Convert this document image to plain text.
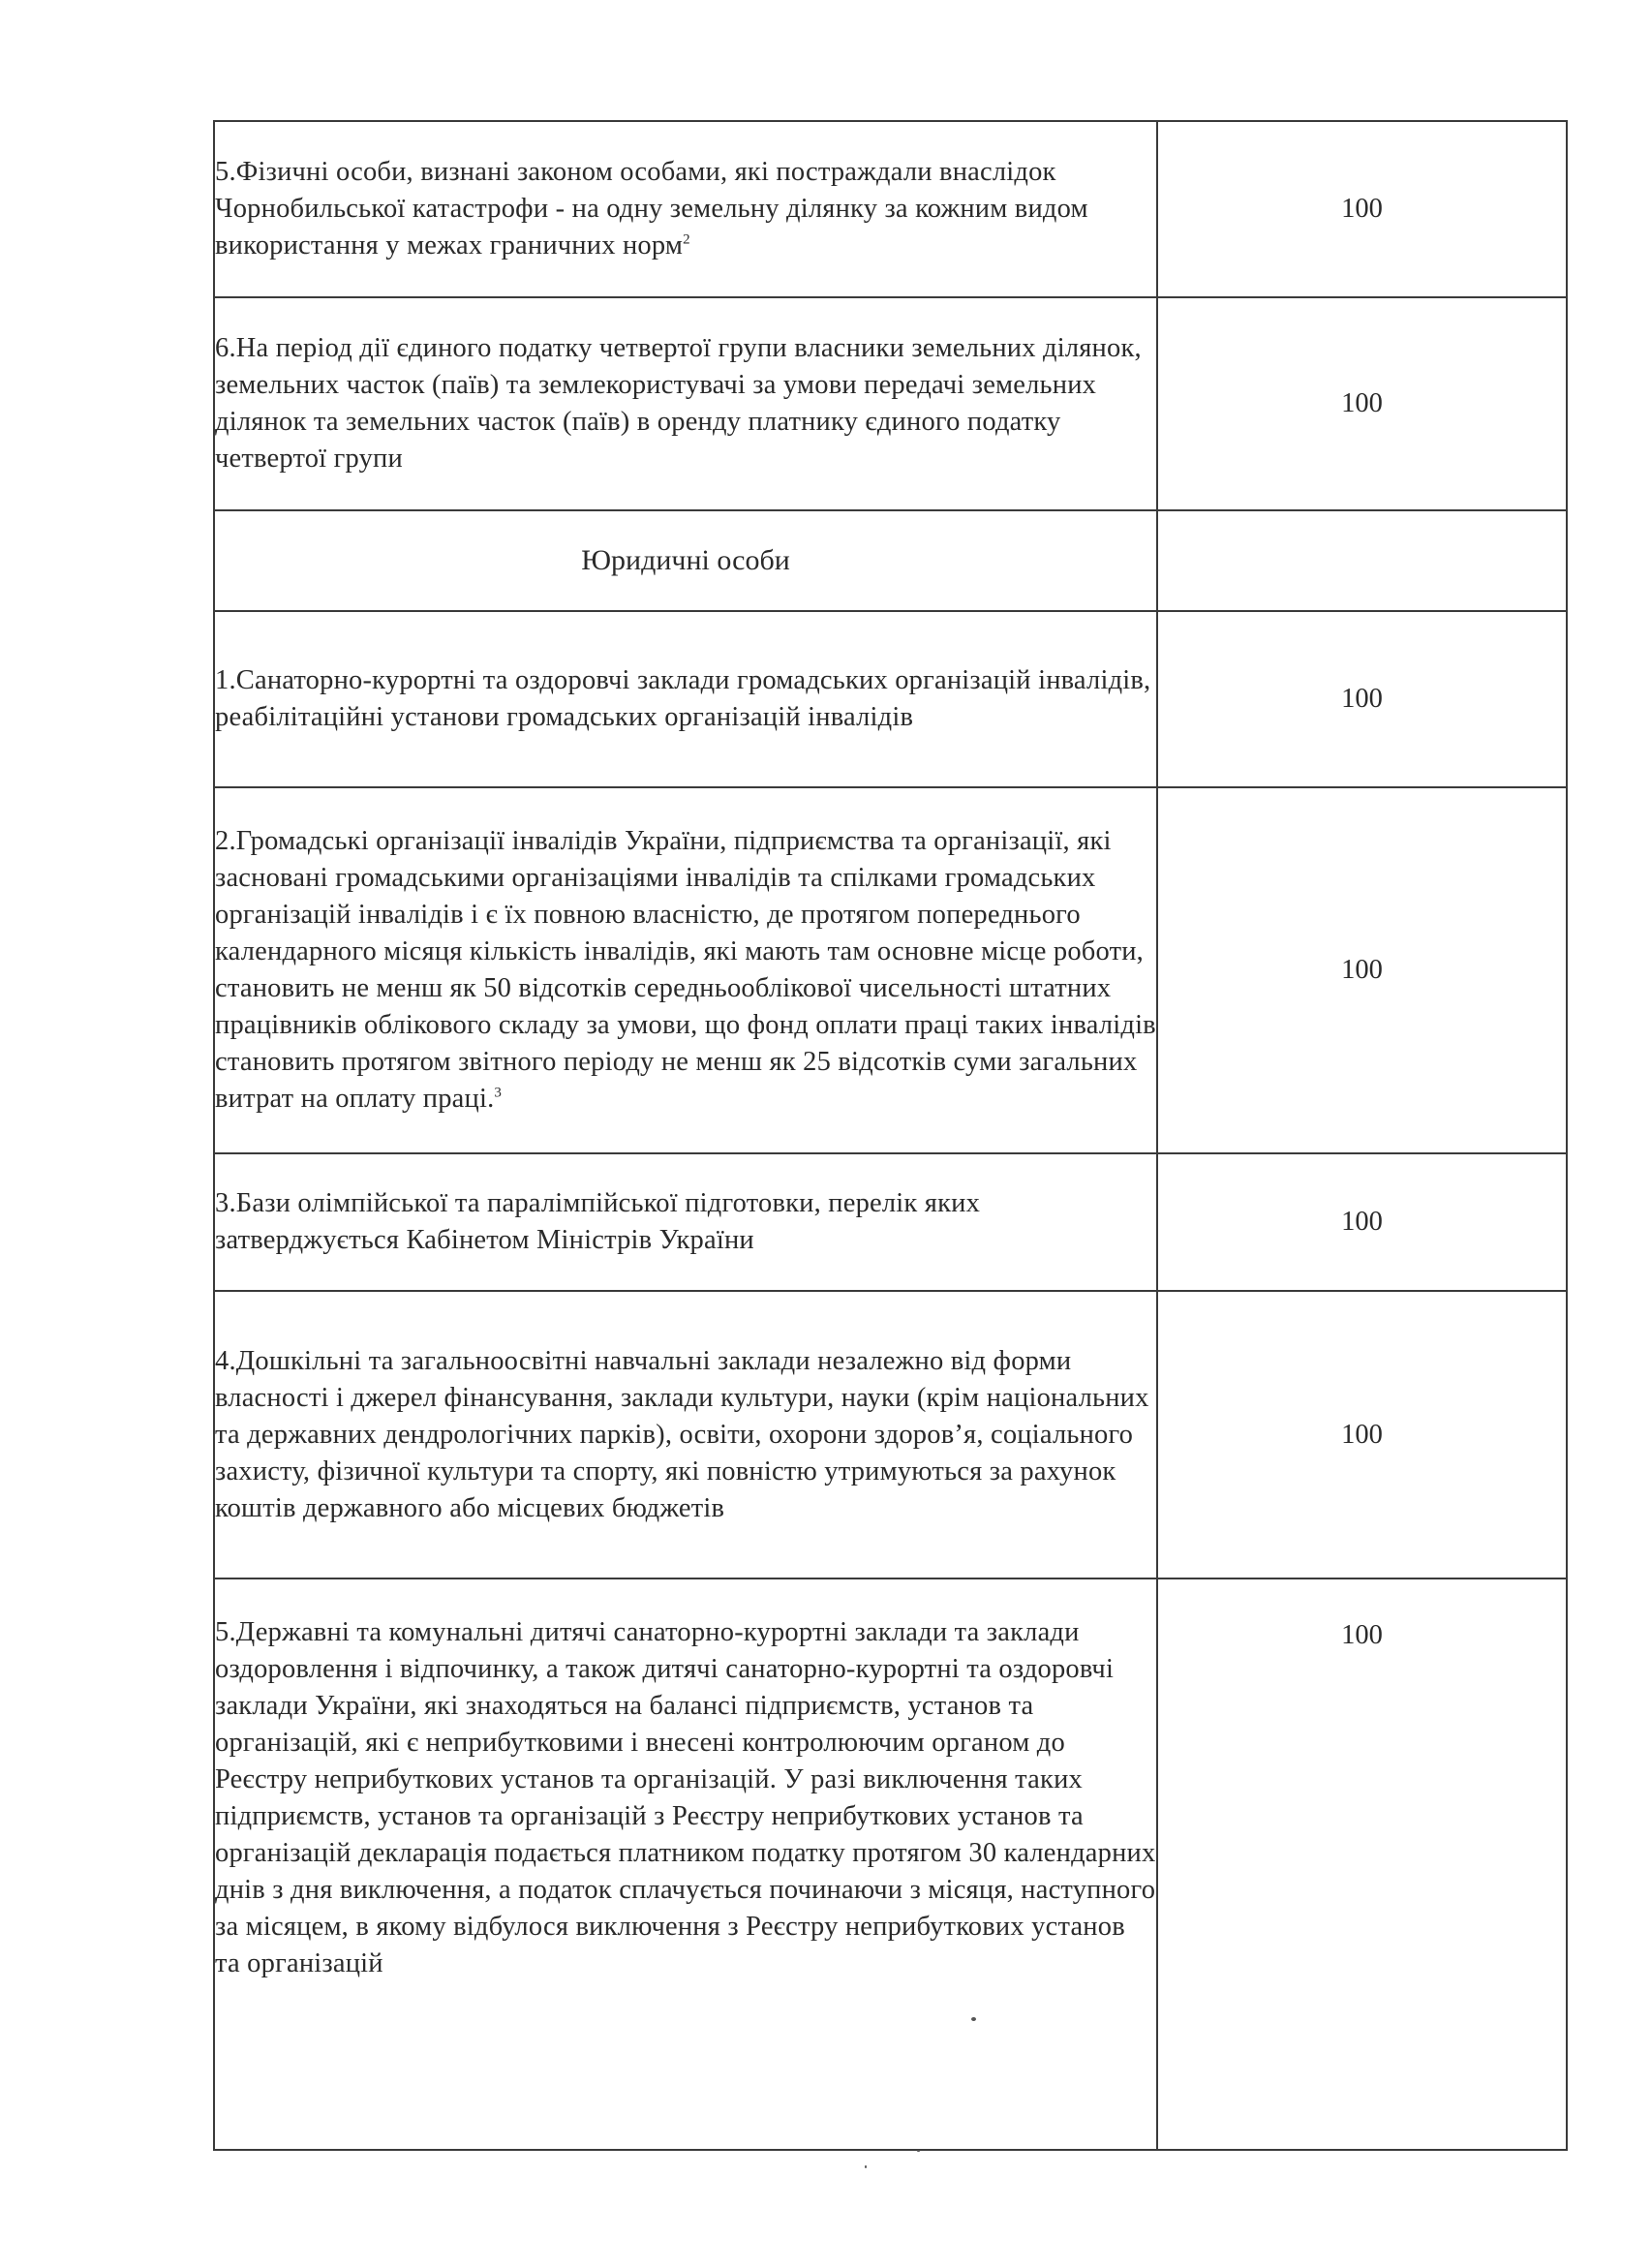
5.Фізичні особи, визнані законом особами, які постраждали внаслідок Чорнобильської катастрофи - на одну земельну ділянку за кожним видом використання у межах граничних норм$^2$	100
6.На період дії єдиного податку четвертої групи власники земельних ділянок, земельних часток (паїв) та землекористувачі за умови передачі земельних ділянок та земельних часток (паїв) в оренду платнику єдиного податку четвертої групи	100
Юридичні особи	
1.Санаторно-курортні та оздоровчі заклади громадських організацій інвалідів, реабілітаційні установи громадських організацій інвалідів	100
2.Громадські організації інвалідів України, підприємства та організації, які засновані громадськими організаціями інвалідів та спілками громадських організацій інвалідів і є їх повною власністю, де протягом попереднього календарного місяця кількість інвалідів, які мають там основне місце роботи, становить не менш як 50 відсотків середньооблікової чисельності штатних працівників облікового складу за умови, що фонд оплати праці таких інвалідів становить протягом звітного періоду не менш як 25 відсотків суми загальних витрат на оплату праці.$^3$	100
3.Бази олімпійської та паралімпійської підготовки, перелік яких затверджується Кабінетом Міністрів України	100
4.Дошкільні та загальноосвітні навчальні заклади незалежно від форми власності і джерел фінансування, заклади культури, науки (крім національних та державних дендрологічних парків), освіти, охорони здоров’я, соціального захисту, фізичної культури та спорту, які повністю утримуються за рахунок коштів державного або місцевих бюджетів	100
5.Державні та комунальні дитячі санаторно-курортні заклади та заклади оздоровлення і відпочинку, а також дитячі санаторно-курортні та оздоровчі заклади України, які знаходяться на балансі підприємств, установ та організацій, які є неприбутковими і внесені контролюючим органом до Реєстру неприбуткових установ та організацій. У разі виключення таких підприємств, установ та організацій з Реєстру неприбуткових установ та організацій декларація подається платником податку протягом 30 календарних днів з дня виключення, а податок сплачується починаючи з місяця, наступного за місяцем, в якому відбулося виключення з Реєстру неприбуткових установ та організацій	100
